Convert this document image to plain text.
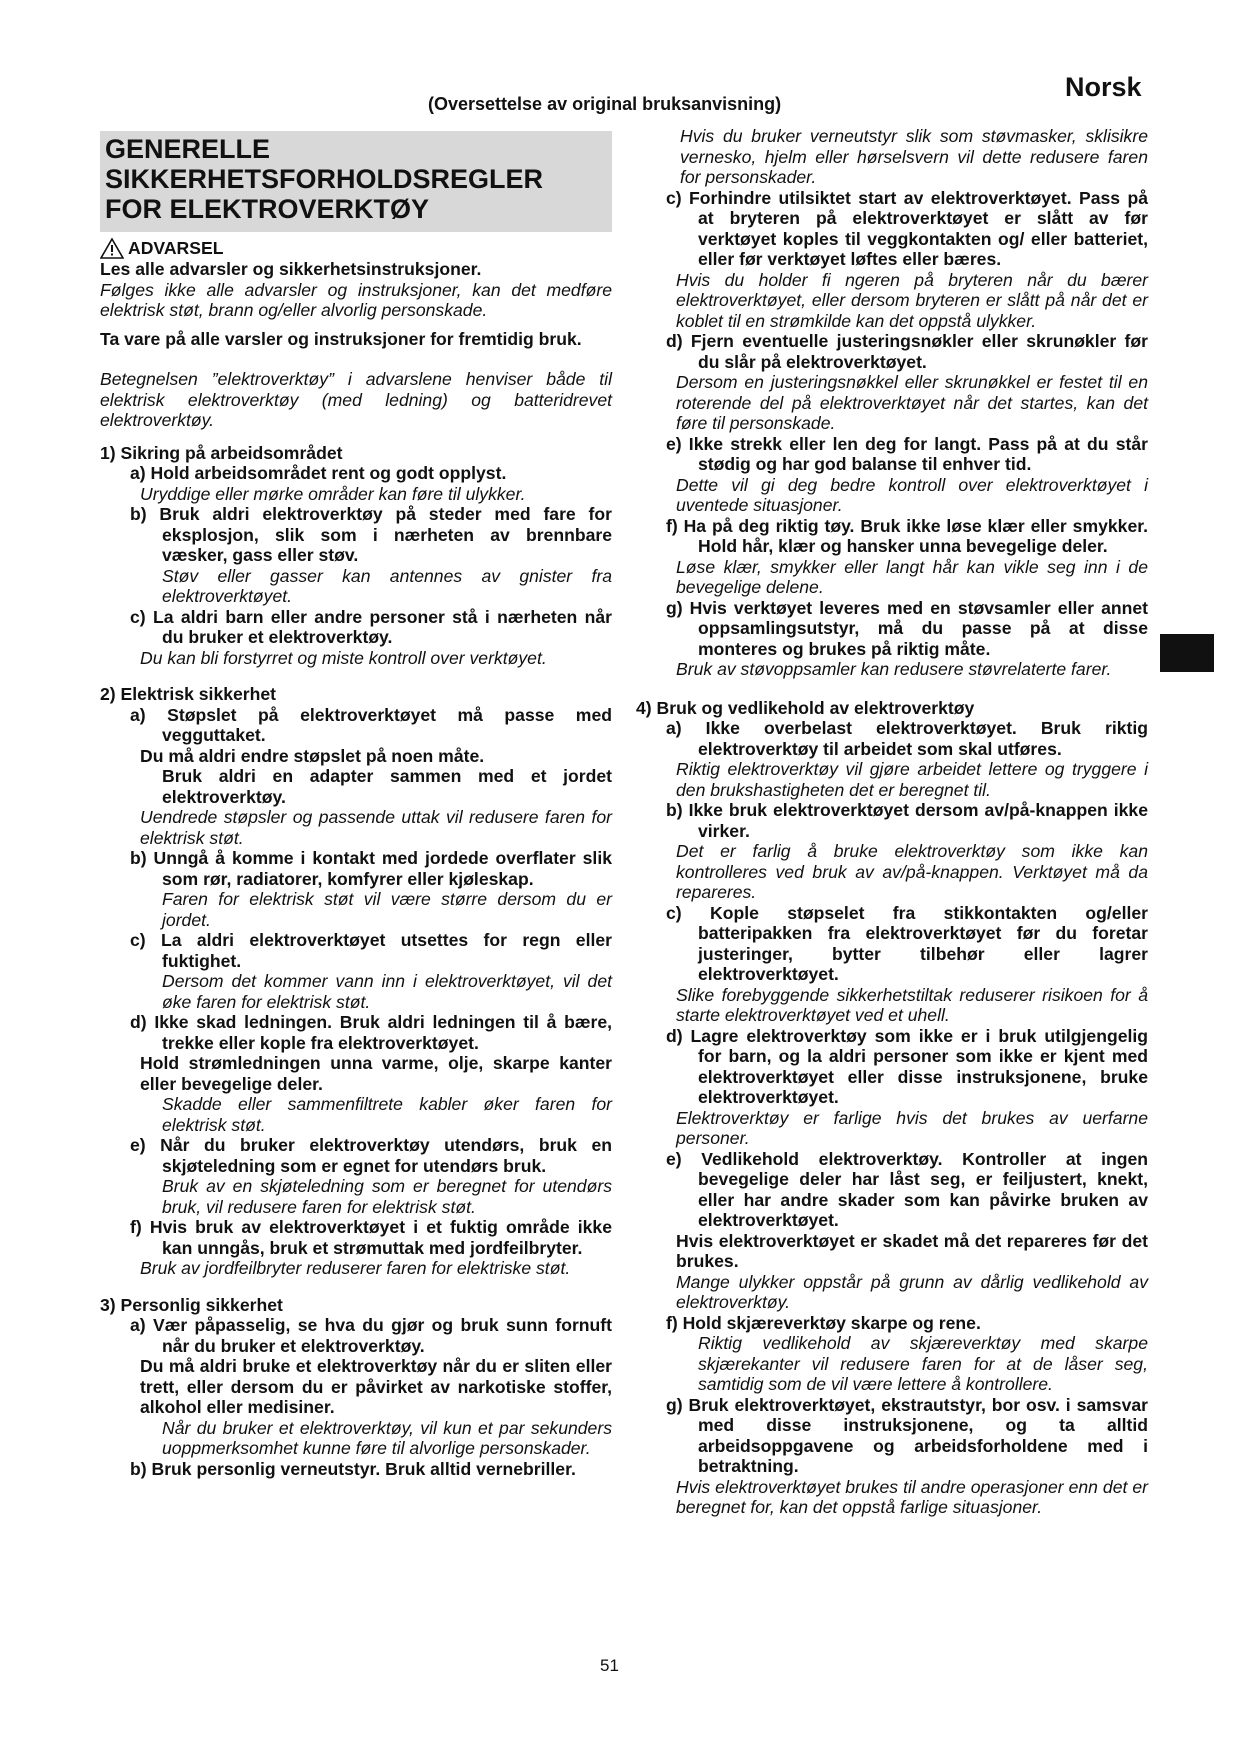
Norsk
(Oversettelse av original bruksanvisning)
GENERELLE
SIKKERHETSFORHOLDSREGLER
FOR ELEKTROVERKTØY
ADVARSEL
Les alle advarsler og sikkerhetsinstruksjoner.
Følges ikke alle advarsler og instruksjoner, kan det medføre elektrisk støt, brann og/eller alvorlig personskade.
Ta vare på alle varsler og instruksjoner for fremtidig bruk.
Betegnelsen ”elektroverktøy” i advarslene henviser både til elektrisk elektroverktøy (med ledning) og batteridrevet elektroverktøy.
1) Sikring på arbeidsområdet
a) Hold arbeidsområdet rent og godt opplyst.
Uryddige eller mørke områder kan føre til ulykker.
b) Bruk aldri elektroverktøy på steder med fare for eksplosjon, slik som i nærheten av brennbare væsker, gass eller støv.
Støv eller gasser kan antennes av gnister fra elektroverktøyet.
c) La aldri barn eller andre personer stå i nærheten når du bruker et elektroverktøy.
Du kan bli forstyrret og miste kontroll over verktøyet.
2) Elektrisk sikkerhet
a) Støpslet på elektroverktøyet må passe med vegguttaket.
Du må aldri endre støpslet på noen måte.
Bruk aldri en adapter sammen med et jordet elektroverktøy.
Uendrede støpsler og passende uttak vil redusere faren for elektrisk støt.
b) Unngå å komme i kontakt med jordede overflater slik som rør, radiatorer, komfyrer eller kjøleskap.
Faren for elektrisk støt vil være større dersom du er jordet.
c) La aldri elektroverktøyet utsettes for regn eller fuktighet.
Dersom det kommer vann inn i elektroverktøyet, vil det øke faren for elektrisk støt.
d) Ikke skad ledningen. Bruk aldri ledningen til å bære, trekke eller kople fra elektroverktøyet.
Hold strømledningen unna varme, olje, skarpe kanter eller bevegelige deler.
Skadde eller sammenfiltrete kabler øker faren for elektrisk støt.
e) Når du bruker elektroverktøy utendørs, bruk en skjøteledning som er egnet for utendørs bruk.
Bruk av en skjøteledning som er beregnet for utendørs bruk, vil redusere faren for elektrisk støt.
f) Hvis bruk av elektroverktøyet i et fuktig område ikke kan unngås, bruk et strømuttak med jordfeilbryter.
Bruk av jordfeilbryter reduserer faren for elektriske støt.
3) Personlig sikkerhet
a) Vær påpasselig, se hva du gjør og bruk sunn fornuft når du bruker et elektroverktøy.
Du må aldri bruke et elektroverktøy når du er sliten eller trett, eller dersom du er påvirket av narkotiske stoffer, alkohol eller medisiner.
Når du bruker et elektroverktøy, vil kun et par sekunders uoppmerksomhet kunne føre til alvorlige personskader.
b) Bruk personlig verneutstyr. Bruk alltid vernebriller.
Hvis du bruker verneutstyr slik som støvmasker, sklisikre vernesko, hjelm eller hørselsvern vil dette redusere faren for personskader.
c) Forhindre utilsiktet start av elektroverktøyet. Pass på at bryteren på elektroverktøyet er slått av før verktøyet koples til veggkontakten og/ eller batteriet, eller før verktøyet løftes eller bæres.
Hvis du holder fi ngeren på bryteren når du bærer elektroverktøyet, eller dersom bryteren er slått på når det er koblet til en strømkilde kan det oppstå ulykker.
d) Fjern eventuelle justeringsnøkler eller skrunøkler før du slår på elektroverktøyet.
Dersom en justeringsnøkkel eller skrunøkkel er festet til en roterende del på elektroverktøyet når det startes, kan det føre til personskade.
e) Ikke strekk eller len deg for langt. Pass på at du står stødig og har god balanse til enhver tid.
Dette vil gi deg bedre kontroll over elektroverktøyet i uventede situasjoner.
f) Ha på deg riktig tøy. Bruk ikke løse klær eller smykker. Hold hår, klær og hansker unna bevegelige deler.
Løse klær, smykker eller langt hår kan vikle seg inn i de bevegelige delene.
g) Hvis verktøyet leveres med en støvsamler eller annet oppsamlingsutstyr, må du passe på at disse monteres og brukes på riktig måte.
Bruk av støvoppsamler kan redusere støvrelaterte farer.
4) Bruk og vedlikehold av elektroverktøy
a) Ikke overbelast elektroverktøyet. Bruk riktig elektroverktøy til arbeidet som skal utføres.
Riktig elektroverktøy vil gjøre arbeidet lettere og tryggere i den brukshastigheten det er beregnet til.
b) Ikke bruk elektroverktøyet dersom av/på-knappen ikke virker.
Det er farlig å bruke elektroverktøy som ikke kan kontrolleres ved bruk av av/på-knappen. Verktøyet må da repareres.
c) Kople støpselet fra stikkontakten og/eller batteripakken fra elektroverktøyet før du foretar justeringer, bytter tilbehør eller lagrer elektroverktøyet.
Slike forebyggende sikkerhetstiltak reduserer risikoen for å starte elektroverktøyet ved et uhell.
d) Lagre elektroverktøy som ikke er i bruk utilgjengelig for barn, og la aldri personer som ikke er kjent med elektroverktøyet eller disse instruksjonene, bruke elektroverktøyet.
Elektroverktøy er farlige hvis det brukes av uerfarne personer.
e) Vedlikehold elektroverktøy. Kontroller at ingen bevegelige deler har låst seg, er feiljustert, knekt, eller har andre skader som kan påvirke bruken av elektroverktøyet.
Hvis elektroverktøyet er skadet må det repareres før det brukes.
Mange ulykker oppstår på grunn av dårlig vedlikehold av elektroverktøy.
f) Hold skjæreverktøy skarpe og rene.
Riktig vedlikehold av skjæreverktøy med skarpe skjærekanter vil redusere faren for at de låser seg, samtidig som de vil være lettere å kontrollere.
g) Bruk elektroverktøyet, ekstrautstyr, bor osv. i samsvar med disse instruksjonene, og ta alltid arbeidsoppgavene og arbeidsforholdene med i betraktning.
Hvis elektroverktøyet brukes til andre operasjoner enn det er beregnet for, kan det oppstå farlige situasjoner.
51
